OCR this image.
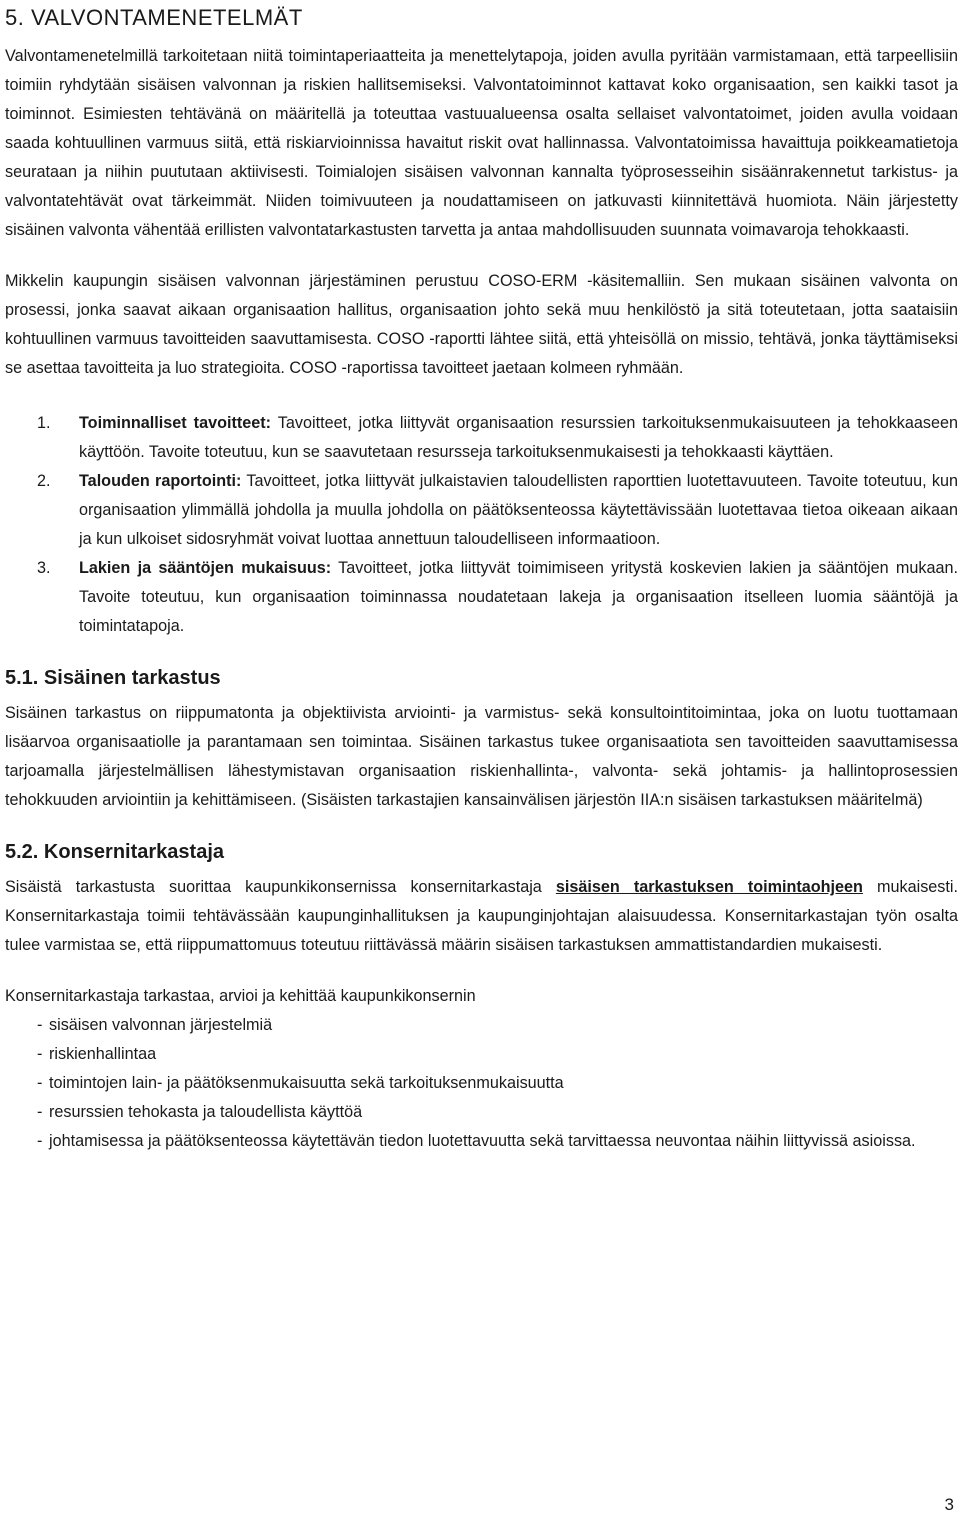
5. VALVONTAMENETELMÄT

Valvontamenetelmillä tarkoitetaan niitä toimintaperiaatteita ja menettelytapoja, joiden avulla pyritään varmistamaan, että tarpeellisiin toimiin ryhdytään sisäisen valvonnan ja riskien hallitsemiseksi. Valvontatoiminnot kattavat koko organisaation, sen kaikki tasot ja toiminnot. Esimiesten tehtävänä on määritellä ja toteuttaa vastuualueensa osalta sellaiset valvontatoimet, joiden avulla voidaan saada kohtuullinen varmuus siitä, että riskiarvioinnissa havaitut riskit ovat hallinnassa. Valvontatoimissa havaittuja poikkeamatietoja seurataan ja niihin puututaan aktiivisesti. Toimialojen sisäisen valvonnan kannalta työprosesseihin sisäänrakennetut tarkistus- ja valvontatehtävät ovat tärkeimmät. Niiden toimivuuteen ja noudattamiseen on jatkuvasti kiinnitettävä huomiota. Näin järjestetty sisäinen valvonta vähentää erillisten valvontatarkastusten tarvetta ja antaa mahdollisuuden suunnata voimavaroja tehokkaasti.

Mikkelin kaupungin sisäisen valvonnan järjestäminen perustuu COSO-ERM -käsitemalliin. Sen mukaan sisäinen valvonta on prosessi, jonka saavat aikaan organisaation hallitus, organisaation johto sekä muu henkilöstö ja sitä toteutetaan, jotta saataisiin kohtuullinen varmuus tavoitteiden saavuttamisesta. COSO -raportti lähtee siitä, että yhteisöllä on missio, tehtävä, jonka täyttämiseksi se asettaa tavoitteita ja luo strategioita. COSO -raportissa tavoitteet jaetaan kolmeen ryhmään.

1. Toiminnalliset tavoitteet: Tavoitteet, jotka liittyvät organisaation resurssien tarkoituksenmukaisuuteen ja tehokkaaseen käyttöön. Tavoite toteutuu, kun se saavutetaan resursseja tarkoituksenmukaisesti ja tehokkaasti käyttäen.
2. Talouden raportointi: Tavoitteet, jotka liittyvät julkaistavien taloudellisten raporttien luotettavuuteen. Tavoite toteutuu, kun organisaation ylimmällä johdolla ja muulla johdolla on päätöksenteossa käytettävissään luotettavaa tietoa oikeaan aikaan ja kun ulkoiset sidosryhmät voivat luottaa annettuun taloudelliseen informaatioon.
3. Lakien ja sääntöjen mukaisuus: Tavoitteet, jotka liittyvät toimimiseen yritystä koskevien lakien ja sääntöjen mukaan. Tavoite toteutuu, kun organisaation toiminnassa noudatetaan lakeja ja organisaation itselleen luomia sääntöjä ja toimintatapoja.
5.1. Sisäinen tarkastus

Sisäinen tarkastus on riippumatonta ja objektiivista arviointi- ja varmistus- sekä konsultointitoimintaa, joka on luotu tuottamaan lisäarvoa organisaatiolle ja parantamaan sen toimintaa. Sisäinen tarkastus tukee organisaatiota sen tavoitteiden saavuttamisessa tarjoamalla järjestelmällisen lähestymistavan organisaation riskienhallinta-, valvonta- sekä johtamis- ja hallintoprosessien tehokkuuden arviointiin ja kehittämiseen. (Sisäisten tarkastajien kansainvälisen järjestön IIA:n sisäisen tarkastuksen määritelmä)

5.2. Konsernitarkastaja

Sisäistä tarkastusta suorittaa kaupunkikonsernissa konsernitarkastaja sisäisen tarkastuksen toimintaohjeen mukaisesti. Konsernitarkastaja toimii tehtävässään kaupunginhallituksen ja kaupunginjohtajan alaisuudessa. Konsernitarkastajan työn osalta tulee varmistaa se, että riippumattomuus toteutuu riittävässä määrin sisäisen tarkastuksen ammattistandardien mukaisesti.

Konsernitarkastaja tarkastaa, arvioi ja kehittää kaupunkikonsernin

- sisäisen valvonnan järjestelmiä
- riskienhallintaa
- toimintojen lain- ja päätöksenmukaisuutta sekä tarkoituksenmukaisuutta
- resurssien tehokasta ja taloudellista käyttöä
- johtamisessa ja päätöksenteossa käytettävän tiedon luotettavuutta sekä tarvittaessa neuvontaa näihin liittyvissä asioissa.
3
